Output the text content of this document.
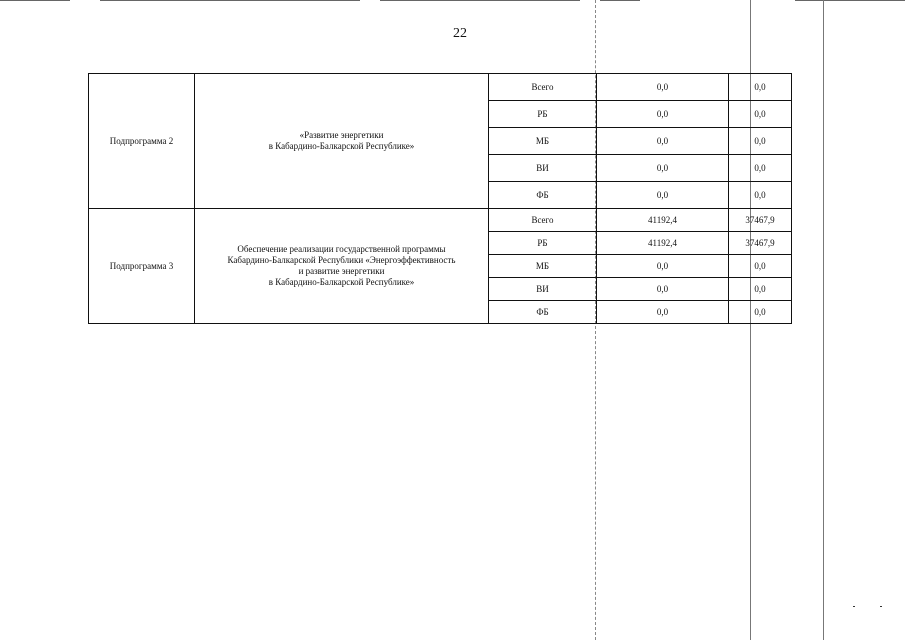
22
Подпрограмма 2	«Развитие энергетики
в Кабардино-Балкарской Республике»	Всего	0,0	0,0
		РБ	0,0	0,0
		МБ	0,0	0,0
		ВИ	0,0	0,0
		ФБ	0,0	0,0
Подпрограмма 3	Обеспечение реализации государственной программы
Кабардино-Балкарской Республики «Энергоэффективность
и развитие энергетики
в Кабардино-Балкарской Республике»	Всего	41192,4	37467,9
		РБ	41192,4	37467,9
		МБ	0,0	0,0
		ВИ	0,0	0,0
		ФБ	0,0	0,0
